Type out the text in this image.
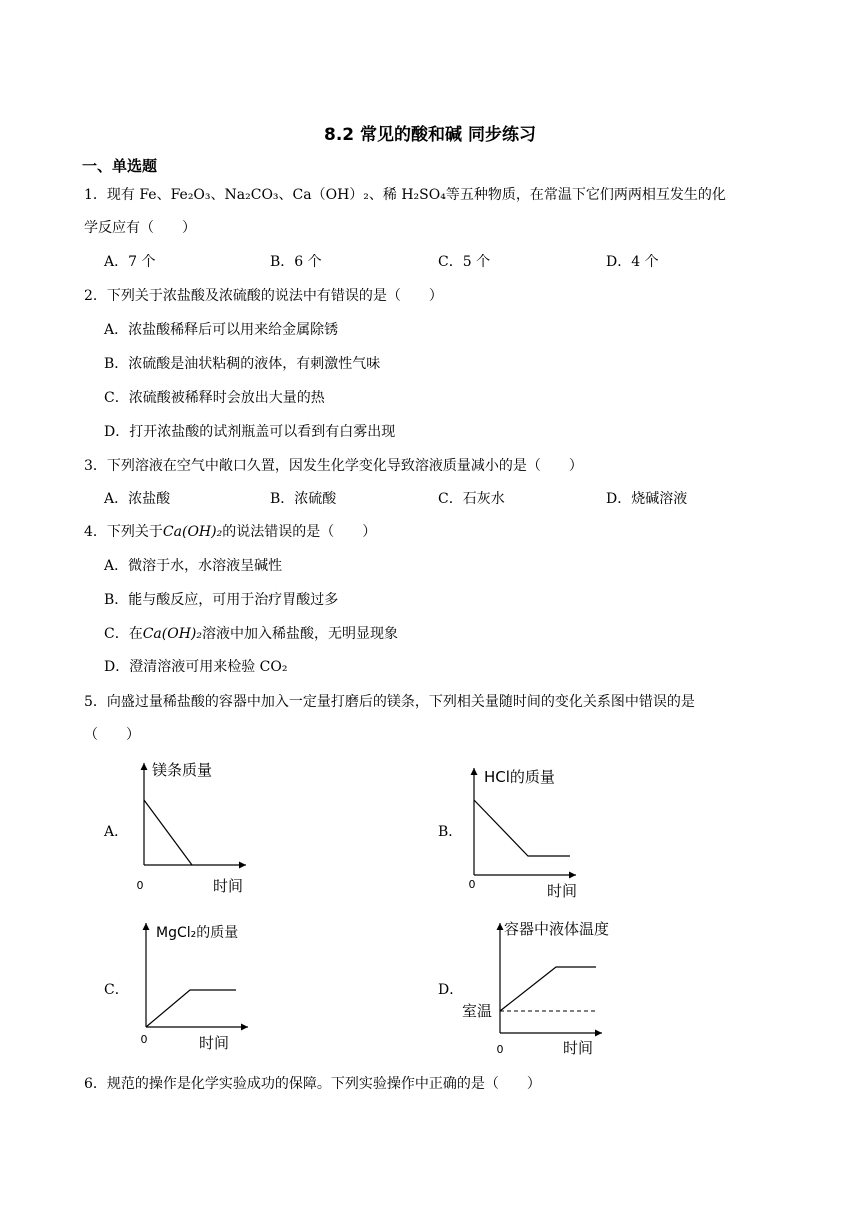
8.2 常见的酸和碱 同步练习
一、单选题
1．现有 Fe、Fe₂O₃、Na₂CO₃、Ca（OH）₂、稀 H₂SO₄等五种物质，在常温下它们两两相互发生的化
学反应有（　　）
A．7 个	B．6 个	C．5 个	D．4 个
2．下列关于浓盐酸及浓硫酸的说法中有错误的是（　　）
A．浓盐酸稀释后可以用来给金属除锈
B．浓硫酸是油状粘稠的液体，有刺激性气味
C．浓硫酸被稀释时会放出大量的热
D．打开浓盐酸的试剂瓶盖可以看到有白雾出现
3．下列溶液在空气中敞口久置，因发生化学变化导致溶液质量减小的是（　　）
A．浓盐酸	B．浓硫酸	C．石灰水	D．烧碱溶液
4．下列关于Ca(OH)₂的说法错误的是（　　）
A．微溶于水，水溶液呈碱性
B．能与酸反应，可用于治疗胃酸过多
C．在Ca(OH)₂溶液中加入稀盐酸，无明显现象
D．澄清溶液可用来检验 CO₂
5．向盛过量稀盐酸的容器中加入一定量打磨后的镁条，下列相关量随时间的变化关系图中错误的是
（　　）
A．	B．
C．	D．
镁条质量
0	时间
HCl的质量
0	时间
MgCl₂的质量
0	时间
容器中液体温度
室温
0	时间
6．规范的操作是化学实验成功的保障。下列实验操作中正确的是（　　）
